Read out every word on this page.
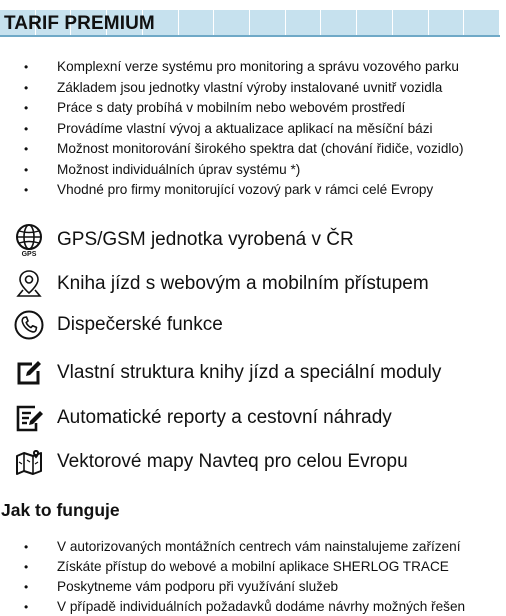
TARIF PREMIUM
• Komplexní verze systému pro monitoring a správu vozového parku
• Základem jsou jednotky vlastní výroby instalované uvnitř vozidla
• Práce s daty probíhá v mobilním nebo webovém prostředí
• Provádíme vlastní vývoj a aktualizace aplikací na měsíční bázi
• Možnost monitorování širokého spektra dat (chování řidiče, vozidlo)
• Možnost individuálních úprav systému *)
• Vhodné pro firmy monitorující vozový park v rámci celé Evropy
GPS
GPS/GSM jednotka vyrobená v ČR
Kniha jízd s webovým a mobilním přístupem
Dispečerské funkce
Vlastní struktura knihy jízd a speciální moduly
Automatické reporty a cestovní náhrady
Vektorové mapy Navteq pro celou Evropu
Jak to funguje
• V autorizovaných montážních centrech vám nainstalujeme zařízení
• Získáte přístup do webové a mobilní aplikace SHERLOG TRACE
• Poskytneme vám podporu při využívání služeb
• V případě individuálních požadavků dodáme návrhy možných řešen
